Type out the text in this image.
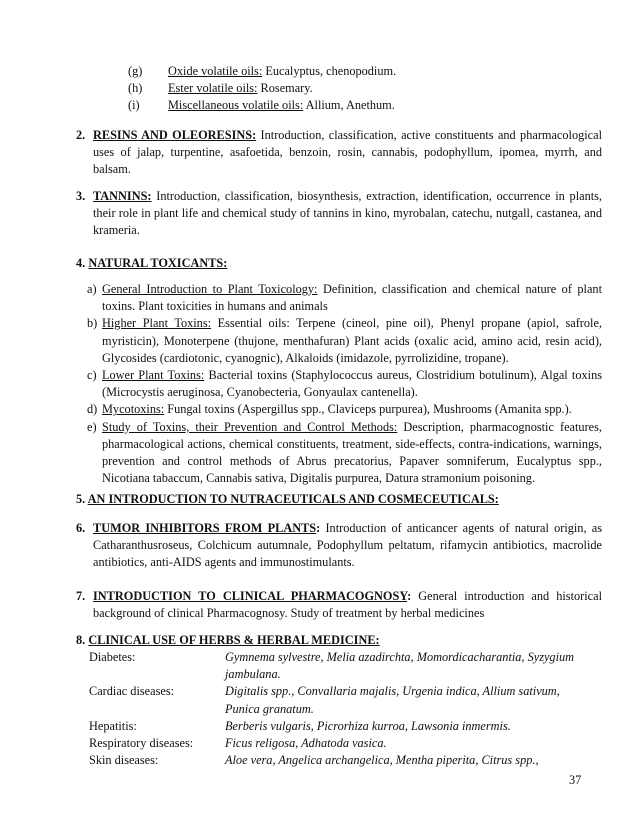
(g) Oxide volatile oils: Eucalyptus, chenopodium.
(h) Ester volatile oils: Rosemary.
(i) Miscellaneous volatile oils: Allium, Anethum.
2. RESINS AND OLEORESINS: Introduction, classification, active constituents and pharmacological uses of jalap, turpentine, asafoetida, benzoin, rosin, cannabis, podophyllum, ipomea, myrrh, and balsam.
3. TANNINS: Introduction, classification, biosynthesis, extraction, identification, occurrence in plants, their role in plant life and chemical study of tannins in kino, myrobalan, catechu, nutgall, castanea, and krameria.
4. NATURAL TOXICANTS:
a) General Introduction to Plant Toxicology: Definition, classification and chemical nature of plant toxins. Plant toxicities in humans and animals
b) Higher Plant Toxins: Essential oils: Terpene (cineol, pine oil), Phenyl propane (apiol, safrole, myristicin), Monoterpene (thujone, menthafuran) Plant acids (oxalic acid, amino acid, resin acid), Glycosides (cardiotonic, cyanognic), Alkaloids (imidazole, pyrrolizidine, tropane).
c) Lower Plant Toxins: Bacterial toxins (Staphylococcus aureus, Clostridium botulinum), Algal toxins (Microcystis aeruginosa, Cyanobecteria, Gonyaulax cantenella).
d) Mycotoxins: Fungal toxins (Aspergillus spp., Claviceps purpurea), Mushrooms (Amanita spp.).
e) Study of Toxins, their Prevention and Control Methods: Description, pharmacognostic features, pharmacological actions, chemical constituents, treatment, side-effects, contra-indications, warnings, prevention and control methods of Abrus precatorius, Papaver somniferum, Eucalyptus spp., Nicotiana tabaccum, Cannabis sativa, Digitalis purpurea, Datura stramonium poisoning.
5. AN INTRODUCTION TO NUTRACEUTICALS AND COSMECEUTICALS:
6. TUMOR INHIBITORS FROM PLANTS: Introduction of anticancer agents of natural origin, as Catharanthusroseus, Colchicum autumnale, Podophyllum peltatum, rifamycin antibiotics, macrolide antibiotics, anti-AIDS agents and immunostimulants.
7. INTRODUCTION TO CLINICAL PHARMACOGNOSY: General introduction and historical background of clinical Pharmacognosy. Study of treatment by herbal medicines
8. CLINICAL USE OF HERBS & HERBAL MEDICINE:
Diabetes:	Gymnema sylvestre, Melia azadirchta, Momordicacharantia, Syzygium jambulana.
Cardiac diseases:	Digitalis spp., Convallaria majalis, Urgenia indica, Allium sativum, Punica granatum.
Hepatitis:	Berberis vulgaris, Picrorhiza kurroa, Lawsonia inmermis.
Respiratory diseases:	Ficus religosa, Adhatoda vasica.
Skin diseases:	Aloe vera, Angelica archangelica, Mentha piperita, Citrus spp.,
37
